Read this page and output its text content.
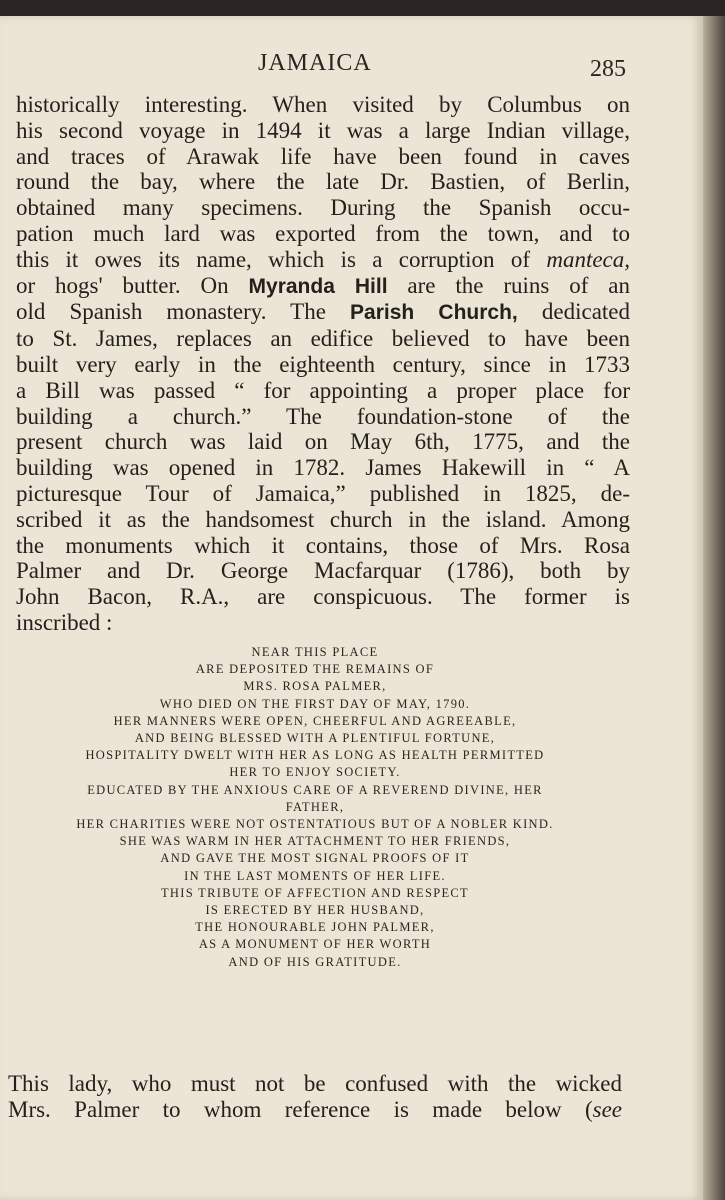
JAMAICA	285
historically interesting. When visited by Columbus on
his second voyage in 1494 it was a large Indian village,
and traces of Arawak life have been found in caves
round the bay, where the late Dr. Bastien, of Berlin,
obtained many specimens. During the Spanish occu-
pation much lard was exported from the town, and to
this it owes its name, which is a corruption of manteca,
or hogs' butter. On Myranda Hill are the ruins of an
old Spanish monastery. The Parish Church, dedicated
to St. James, replaces an edifice believed to have been
built very early in the eighteenth century, since in 1733
a Bill was passed “ for appointing a proper place for
building a church.” The foundation-stone of the
present church was laid on May 6th, 1775, and the
building was opened in 1782. James Hakewill in “ A
picturesque Tour of Jamaica,” published in 1825, de-
scribed it as the handsomest church in the island. Among
the monuments which it contains, those of Mrs. Rosa
Palmer and Dr. George Macfarquar (1786), both by
John Bacon, R.A., are conspicuous. The former is
inscribed :
NEAR THIS PLACE
ARE DEPOSITED THE REMAINS OF
MRS. ROSA PALMER,
WHO DIED ON THE FIRST DAY OF MAY, 1790.
HER MANNERS WERE OPEN, CHEERFUL AND AGREEABLE,
AND BEING BLESSED WITH A PLENTIFUL FORTUNE,
HOSPITALITY DWELT WITH HER AS LONG AS HEALTH PERMITTED
HER TO ENJOY SOCIETY.
EDUCATED BY THE ANXIOUS CARE OF A REVEREND DIVINE, HER
FATHER,
HER CHARITIES WERE NOT OSTENTATIOUS BUT OF A NOBLER KIND.
SHE WAS WARM IN HER ATTACHMENT TO HER FRIENDS,
AND GAVE THE MOST SIGNAL PROOFS OF IT
IN THE LAST MOMENTS OF HER LIFE.
THIS TRIBUTE OF AFFECTION AND RESPECT
IS ERECTED BY HER HUSBAND,
THE HONOURABLE JOHN PALMER,
AS A MONUMENT OF HER WORTH
AND OF HIS GRATITUDE.
This lady, who must not be confused with the wicked
Mrs. Palmer to whom reference is made below (see
